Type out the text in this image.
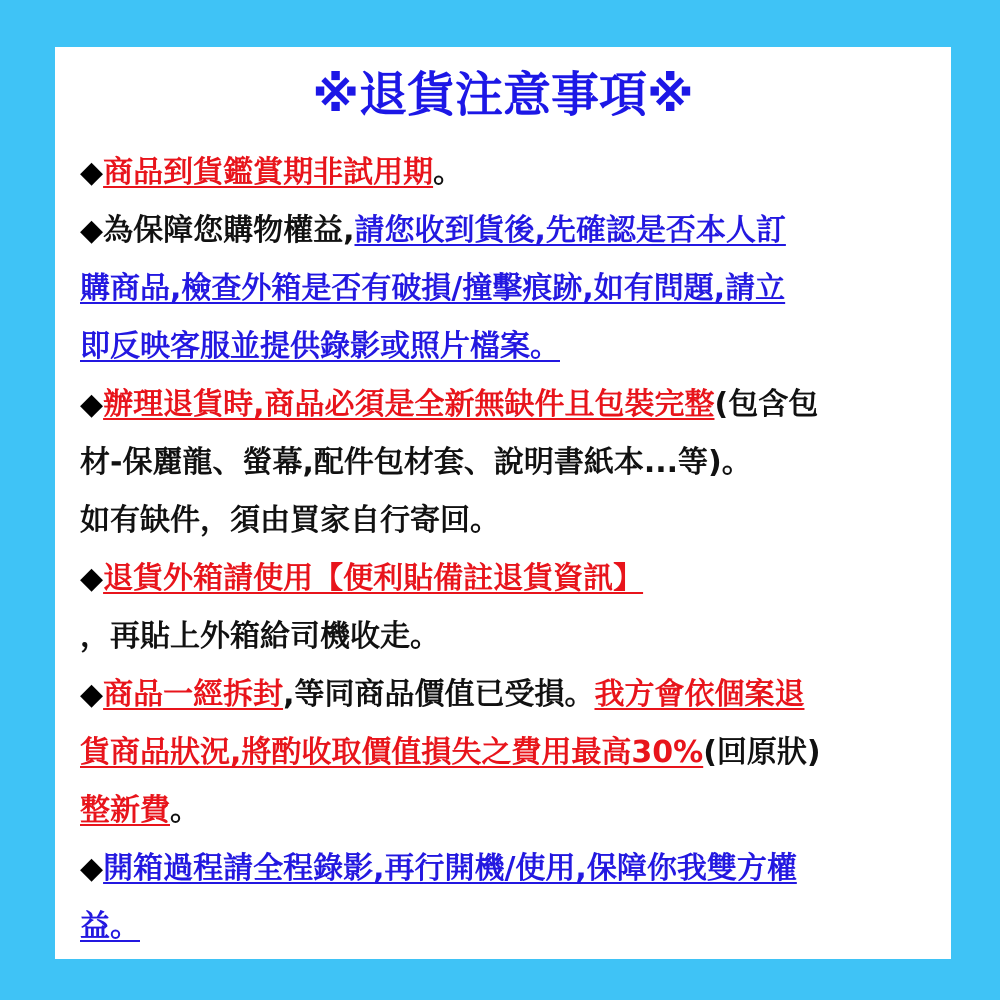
※退貨注意事項※
◆商品到貨鑑賞期非試用期。
◆為保障您購物權益,請您收到貨後,先確認是否本人訂
購商品,檢查外箱是否有破損/撞擊痕跡,如有問題,請立
即反映客服並提供錄影或照片檔案。
◆辦理退貨時,商品必須是全新無缺件且包裝完整(包含包
材-保麗龍、螢幕,配件包材套、說明書紙本...等)。
如有缺件，須由買家自行寄回。
◆退貨外箱請使用【便利貼備註退貨資訊】
，再貼上外箱給司機收走。
◆商品一經拆封,等同商品價值已受損。我方會依個案退
貨商品狀況,將酌收取價值損失之費用最高30%(回原狀)
整新費。
◆開箱過程請全程錄影,再行開機/使用,保障你我雙方權
益。
